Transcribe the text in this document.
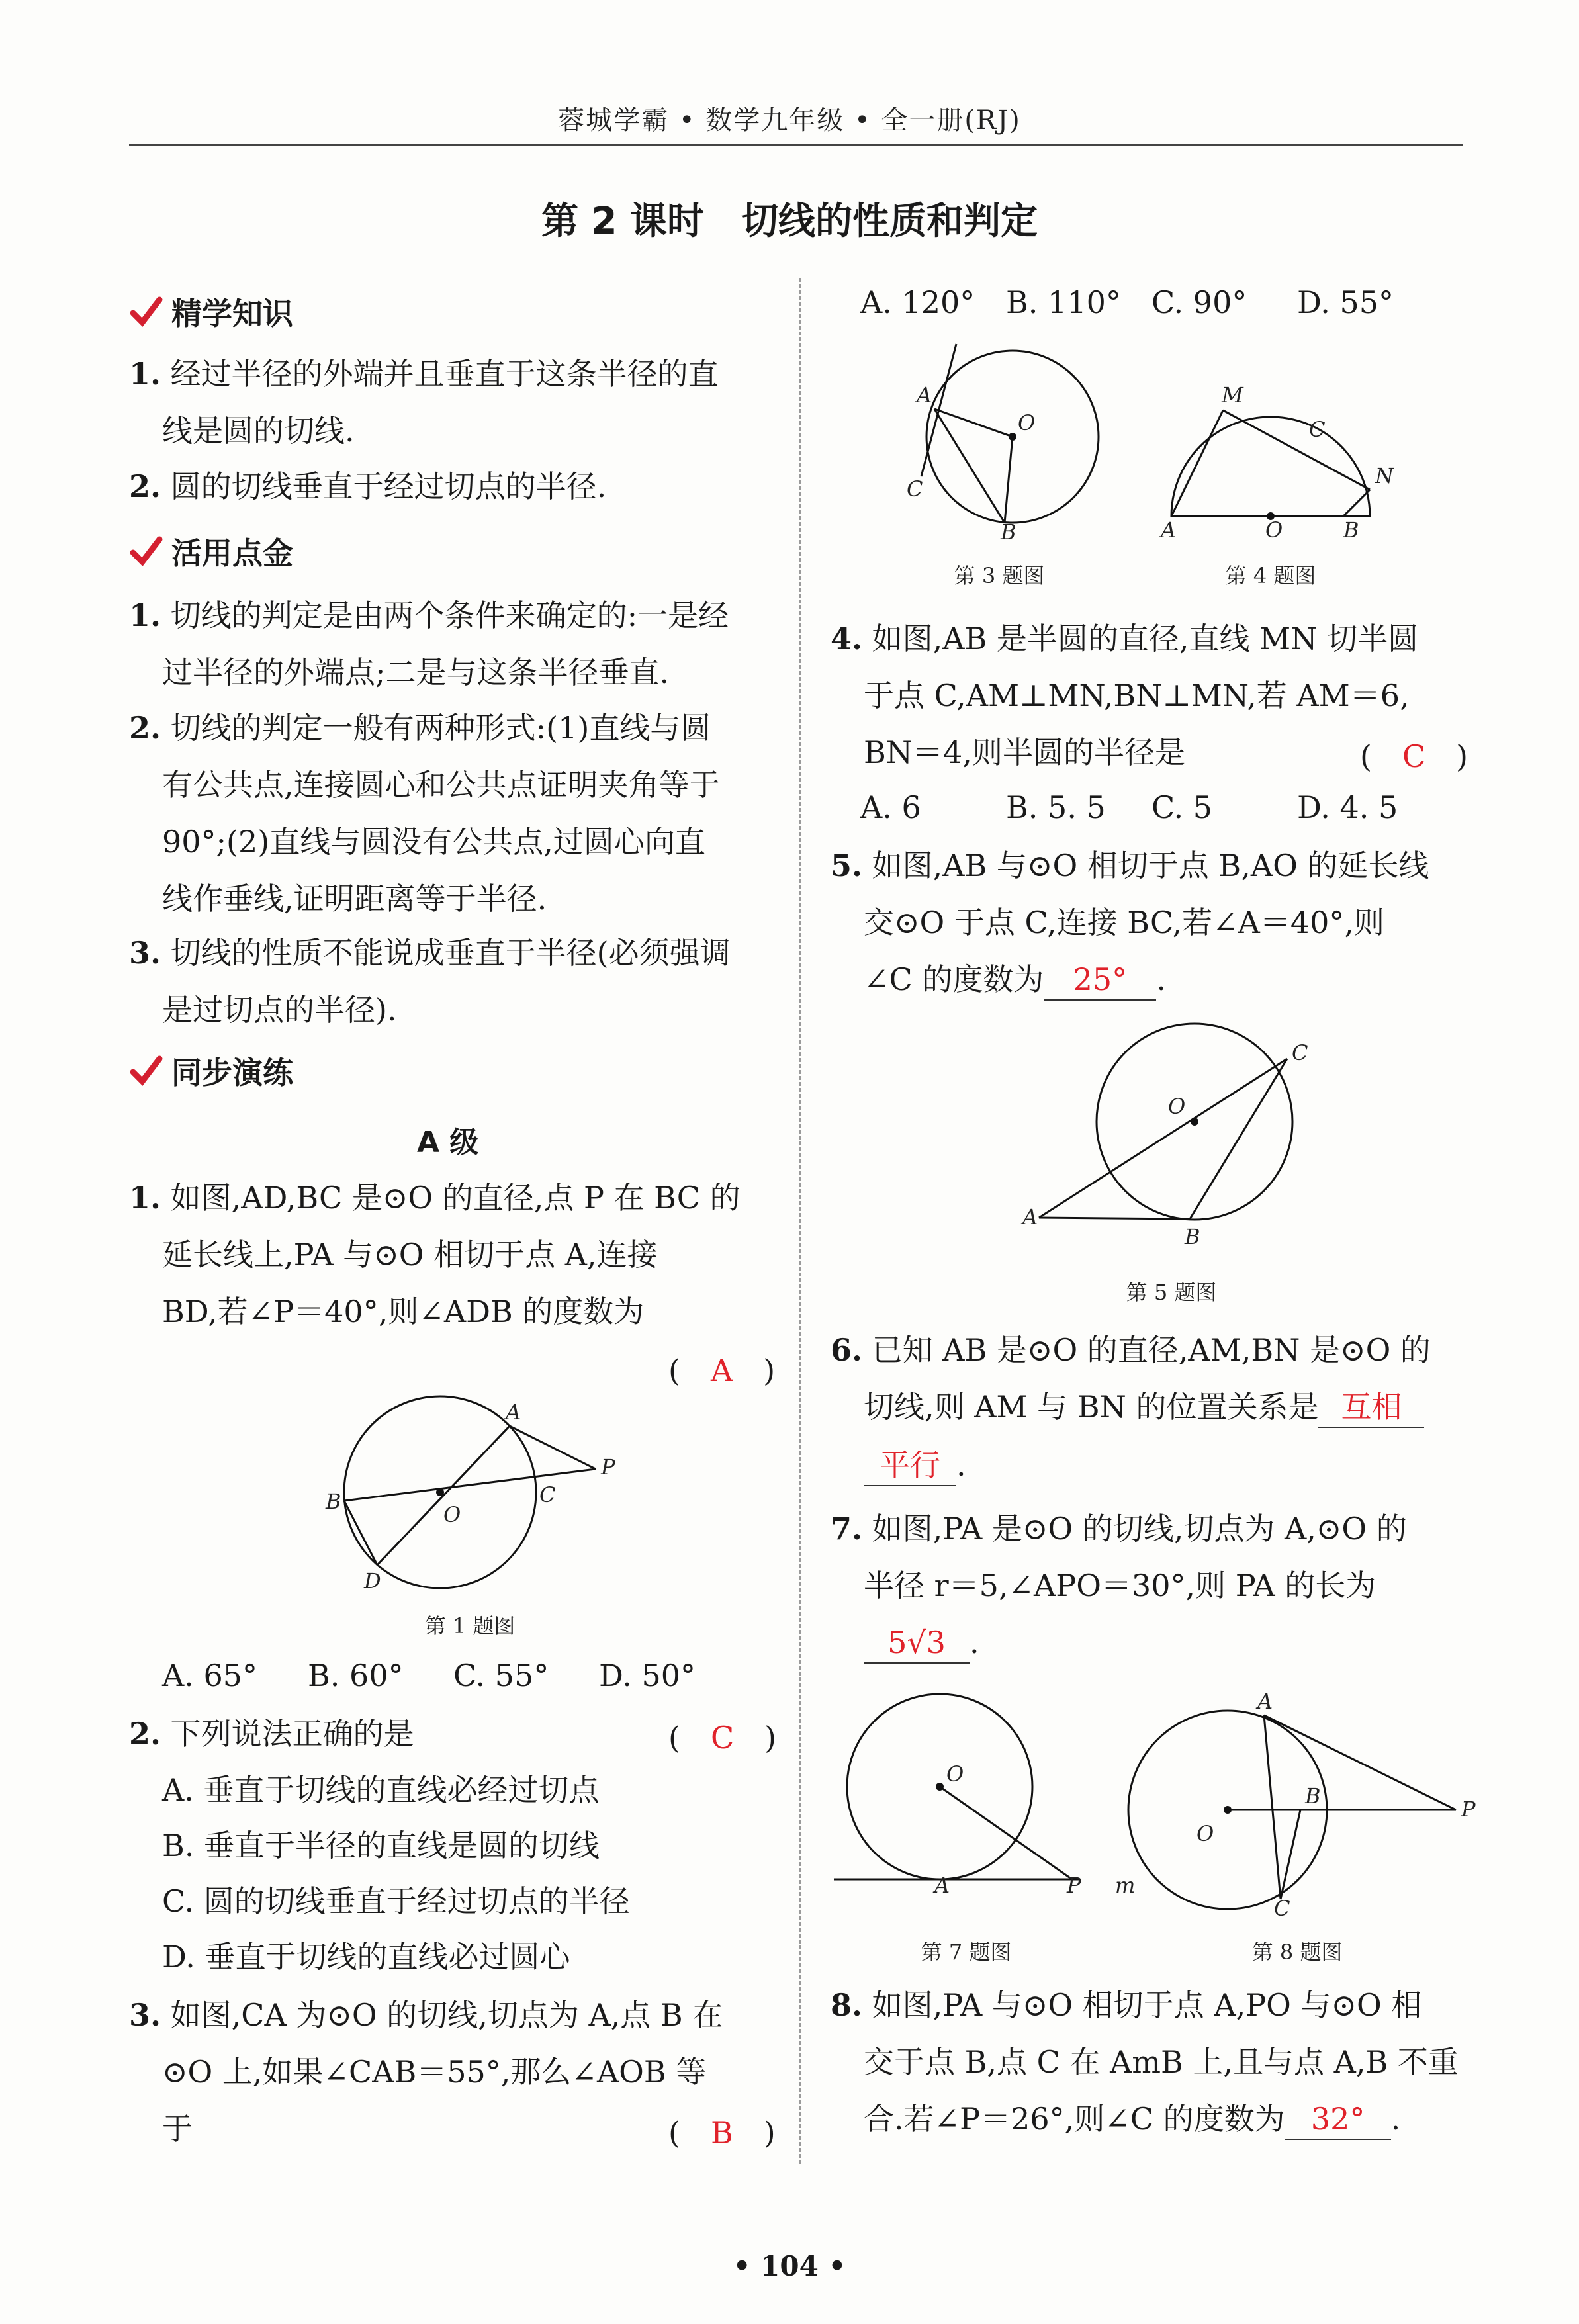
蓉城学霸 • 数学九年级 • 全一册(RJ)
第 2 课时　切线的性质和判定
精学知识
1. 经过半径的外端并且垂直于这条半径的直
线是圆的切线.
2. 圆的切线垂直于经过切点的半径.
活用点金
1. 切线的判定是由两个条件来确定的:一是经
过半径的外端点;二是与这条半径垂直.
2. 切线的判定一般有两种形式:(1)直线与圆
有公共点,连接圆心和公共点证明夹角等于
90°;(2)直线与圆没有公共点,过圆心向直
线作垂线,证明距离等于半径.
3. 切线的性质不能说成垂直于半径(必须强调
是过切点的半径).
同步演练
A 级
1. 如图,AD,BC 是⊙O 的直径,点 P 在 BC 的
延长线上,PA 与⊙O 相切于点 A,连接
BD,若∠P＝40°,则∠ADB 的度数为
(　A　)
A
B
O
C
P
D
第 1 题图
A. 65°	B. 60°	C. 55°	D. 50°
2. 下列说法正确的是	(　C　)
A. 垂直于切线的直线必经过切点
B. 垂直于半径的直线是圆的切线
C. 圆的切线垂直于经过切点的半径
D. 垂直于切线的直线必过圆心
3. 如图,CA 为⊙O 的切线,切点为 A,点 B 在
⊙O 上,如果∠CAB＝55°,那么∠AOB 等
于	(　B　)
A. 120°	B. 110°	C. 90°	D. 55°
A
O
C
B
第 3 题图
M
C
N
A	O	B
第 4 题图
4. 如图,AB 是半圆的直径,直线 MN 切半圆
于点 C,AM⊥MN,BN⊥MN,若 AM＝6,
BN＝4,则半圆的半径是	(　C　)
A. 6	B. 5. 5	C. 5	D. 4. 5
5. 如图,AB 与⊙O 相切于点 B,AO 的延长线
交⊙O 于点 C,连接 BC,若∠A＝40°,则
∠C 的度数为 25° .
O
C
A
B
第 5 题图
6. 已知 AB 是⊙O 的直径,AM,BN 是⊙O 的
切线,则 AM 与 BN 的位置关系是 互相
平行 .
7. 如图,PA 是⊙O 的切线,切点为 A,⊙O 的
半径 r＝5,∠APO＝30°,则 PA 的长为
5√3 .
O
A	P
第 7 题图
A
B
P
O
C
m
第 8 题图
8. 如图,PA 与⊙O 相切于点 A,PO 与⊙O 相
交于点 B,点 C 在 AmB 上,且与点 A,B 不重
合.若∠P＝26°,则∠C 的度数为 32° .
• 104 •
